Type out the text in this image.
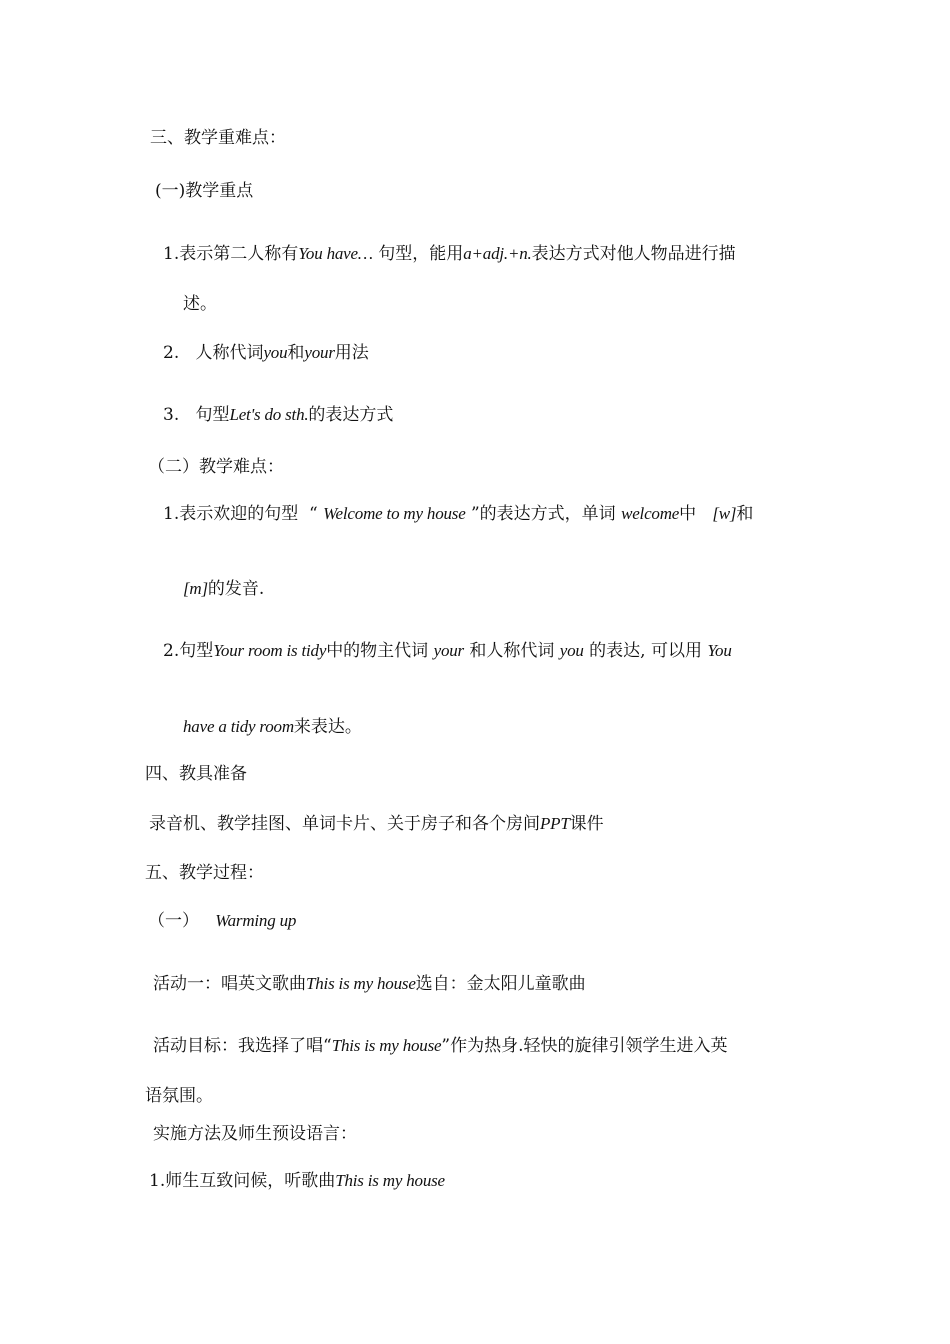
三、教学重难点：
(一)教学重点
1.表示第二人称有You have… 句型，能用a+adj.+n.表达方式对他人物品进行描
述。
2. 人称代词you和your用法
3. 句型Let's do sth.的表达方式
（二）教学难点：
1.表示欢迎的句型 “ Welcome to my house ”的表达方式，单词 welcome中 [w]和
[m]的发音.
2.句型Your room is tidy中的物主代词 your 和人称代词 you 的表达, 可以用 You
have a tidy room来表达。
四、教具准备
录音机、教学挂图、单词卡片、关于房子和各个房间PPT课件
五、教学过程：
（一） Warming up
活动一：唱英文歌曲This is my house选自：金太阳儿童歌曲
活动目标：我选择了唱“This is my house”作为热身.轻快的旋律引领学生进入英
语氛围。
实施方法及师生预设语言：
1.师生互致问候，听歌曲This is my house
